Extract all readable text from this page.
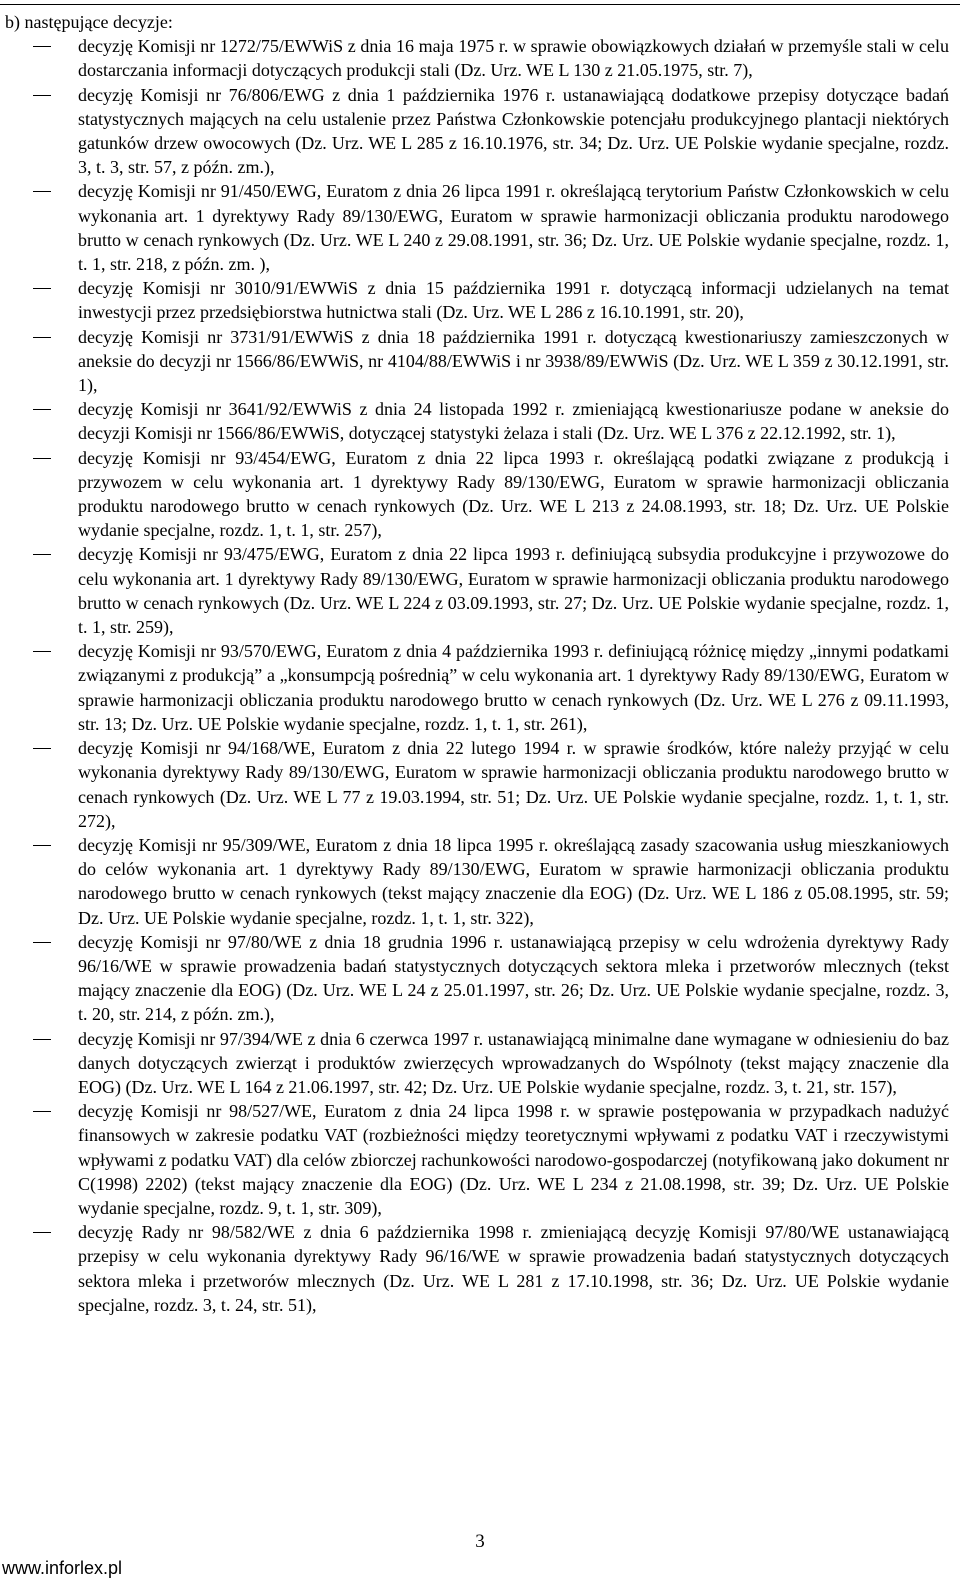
b) następujące decyzje:

decyzję Komisji nr 1272/75/EWWiS z dnia 16 maja 1975 r. w sprawie obowiązkowych działań w przemyśle stali w celu dostarczania informacji dotyczących produkcji stali (Dz. Urz. WE L 130 z 21.05.1975, str. 7),
decyzję Komisji nr 76/806/EWG z dnia 1 października 1976 r. ustanawiającą dodatkowe przepisy dotyczące badań statystycznych mających na celu ustalenie przez Państwa Członkowskie potencjału produkcyjnego plantacji niektórych gatunków drzew owocowych (Dz. Urz. WE L 285 z 16.10.1976, str. 34; Dz. Urz. UE Polskie wydanie specjalne, rozdz. 3, t. 3, str. 57, z późn. zm.),
decyzję Komisji nr 91/450/EWG, Euratom z dnia 26 lipca 1991 r. określającą terytorium Państw Członkowskich w celu wykonania art. 1 dyrektywy Rady 89/130/EWG, Euratom w sprawie harmonizacji obliczania produktu narodowego brutto w cenach rynkowych (Dz. Urz. WE L 240 z 29.08.1991, str. 36; Dz. Urz. UE Polskie wydanie specjalne, rozdz. 1, t. 1, str. 218, z późn. zm. ),
decyzję Komisji nr 3010/91/EWWiS z dnia 15 października 1991 r. dotyczącą informacji udzielanych na temat inwestycji przez przedsiębiorstwa hutnictwa stali (Dz. Urz. WE L 286 z 16.10.1991, str. 20),
decyzję Komisji nr 3731/91/EWWiS z dnia 18 października 1991 r. dotyczącą kwestionariuszy zamieszczonych w aneksie do decyzji nr 1566/86/EWWiS, nr 4104/88/EWWiS i nr 3938/89/EWWiS (Dz. Urz. WE L 359 z 30.12.1991, str. 1),
decyzję Komisji nr 3641/92/EWWiS z dnia 24 listopada 1992 r. zmieniającą kwestionariusze podane w aneksie do decyzji Komisji nr 1566/86/EWWiS, dotyczącej statystyki żelaza i stali (Dz. Urz. WE L 376 z 22.12.1992, str. 1),
decyzję Komisji nr 93/454/EWG, Euratom z dnia 22 lipca 1993 r. określającą podatki związane z produkcją i przywozem w celu wykonania art. 1 dyrektywy Rady 89/130/EWG, Euratom w sprawie harmonizacji obliczania produktu narodowego brutto w cenach rynkowych (Dz. Urz. WE L 213 z 24.08.1993, str. 18; Dz. Urz. UE Polskie wydanie specjalne, rozdz. 1, t. 1, str. 257),
decyzję Komisji nr 93/475/EWG, Euratom z dnia 22 lipca 1993 r. definiującą subsydia produkcyjne i przywozowe do celu wykonania art. 1 dyrektywy Rady 89/130/EWG, Euratom w sprawie harmonizacji obliczania produktu narodowego brutto w cenach rynkowych (Dz. Urz. WE L 224 z 03.09.1993, str. 27; Dz. Urz. UE Polskie wydanie specjalne, rozdz. 1, t. 1, str. 259),
decyzję Komisji nr 93/570/EWG, Euratom z dnia 4 października 1993 r. definiującą różnicę między „innymi podatkami związanymi z produkcją” a „konsumpcją pośrednią” w celu wykonania art. 1 dyrektywy Rady 89/130/EWG, Euratom w sprawie harmonizacji obliczania produktu narodowego brutto w cenach rynkowych (Dz. Urz. WE L 276 z 09.11.1993, str. 13; Dz. Urz. UE Polskie wydanie specjalne, rozdz. 1, t. 1, str. 261),
decyzję Komisji nr 94/168/WE, Euratom z dnia 22 lutego 1994 r. w sprawie środków, które należy przyjąć w celu wykonania dyrektywy Rady 89/130/EWG, Euratom w sprawie harmonizacji obliczania produktu narodowego brutto w cenach rynkowych (Dz. Urz. WE L 77 z 19.03.1994, str. 51; Dz. Urz. UE Polskie wydanie specjalne, rozdz. 1, t. 1, str. 272),
decyzję Komisji nr 95/309/WE, Euratom z dnia 18 lipca 1995 r. określającą zasady szacowania usług mieszkaniowych do celów wykonania art. 1 dyrektywy Rady 89/130/EWG, Euratom w sprawie harmonizacji obliczania produktu narodowego brutto w cenach rynkowych (tekst mający znaczenie dla EOG) (Dz. Urz. WE L 186 z 05.08.1995, str. 59; Dz. Urz. UE Polskie wydanie specjalne, rozdz. 1, t. 1, str. 322),
decyzję Komisji nr 97/80/WE z dnia 18 grudnia 1996 r. ustanawiającą przepisy w celu wdrożenia dyrektywy Rady 96/16/WE w sprawie prowadzenia badań statystycznych dotyczących sektora mleka i przetworów mlecznych (tekst mający znaczenie dla EOG) (Dz. Urz. WE L 24 z 25.01.1997, str. 26; Dz. Urz. UE Polskie wydanie specjalne, rozdz. 3, t. 20, str. 214, z późn. zm.),
decyzję Komisji nr 97/394/WE z dnia 6 czerwca 1997 r. ustanawiającą minimalne dane wymagane w odniesieniu do baz danych dotyczących zwierząt i produktów zwierzęcych wprowadzanych do Wspólnoty (tekst mający znaczenie dla EOG) (Dz. Urz. WE L 164 z 21.06.1997, str. 42; Dz. Urz. UE Polskie wydanie specjalne, rozdz. 3, t. 21, str. 157),
decyzję Komisji nr 98/527/WE, Euratom z dnia 24 lipca 1998 r. w sprawie postępowania w przypadkach nadużyć finansowych w zakresie podatku VAT (rozbieżności między teoretycznymi wpływami z podatku VAT i rzeczywistymi wpływami z podatku VAT) dla celów zbiorczej rachunkowości narodowo-gospodarczej (notyfikowaną jako dokument nr C(1998) 2202) (tekst mający znaczenie dla EOG) (Dz. Urz. WE L 234 z 21.08.1998, str. 39; Dz. Urz. UE Polskie wydanie specjalne, rozdz. 9, t. 1, str. 309),
decyzję Rady nr 98/582/WE z dnia 6 października 1998 r. zmieniającą decyzję Komisji 97/80/WE ustanawiającą przepisy w celu wykonania dyrektywy Rady 96/16/WE w sprawie prowadzenia badań statystycznych dotyczących sektora mleka i przetworów mlecznych (Dz. Urz. WE L 281 z 17.10.1998, str. 36; Dz. Urz. UE Polskie wydanie specjalne, rozdz. 3, t. 24, str. 51),
3
www.inforlex.pl
